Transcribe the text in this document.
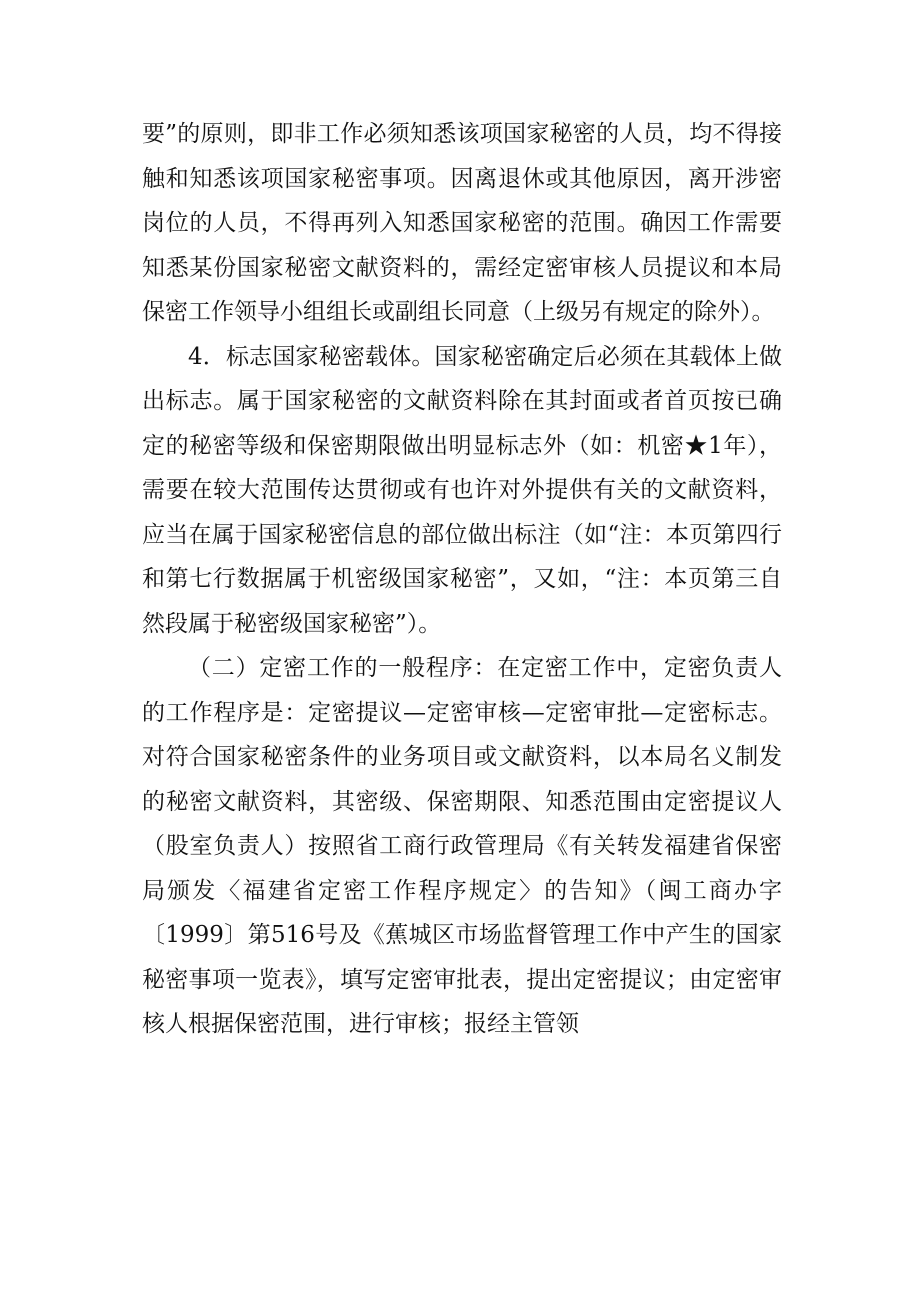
要”的原则，即非工作必须知悉该项国家秘密的人员，均不得接触和知悉该项国家秘密事项。因离退休或其他原因，离开涉密岗位的人员，不得再列入知悉国家秘密的范围。确因工作需要知悉某份国家秘密文献资料的，需经定密审核人员提议和本局保密工作领导小组组长或副组长同意（上级另有规定的除外）。

4．标志国家秘密载体。国家秘密确定后必须在其载体上做出标志。属于国家秘密的文献资料除在其封面或者首页按已确定的秘密等级和保密期限做出明显标志外（如：机密★1年），需要在较大范围传达贯彻或有也许对外提供有关的文献资料，应当在属于国家秘密信息的部位做出标注（如“注：本页第四行和第七行数据属于机密级国家秘密”，又如，“注：本页第三自然段属于秘密级国家秘密”）。

（二）定密工作的一般程序：在定密工作中，定密负责人的工作程序是：定密提议—定密审核—定密审批—定密标志。对符合国家秘密条件的业务项目或文献资料，以本局名义制发的秘密文献资料，其密级、保密期限、知悉范围由定密提议人（股室负责人）按照省工商行政管理局《有关转发福建省保密局颁发〈福建省定密工作程序规定〉的告知》（闽工商办字〔1999〕第516号及《蕉城区市场监督管理工作中产生的国家秘密事项一览表》，填写定密审批表，提出定密提议；由定密审核人根据保密范围，进行审核；报经主管领
